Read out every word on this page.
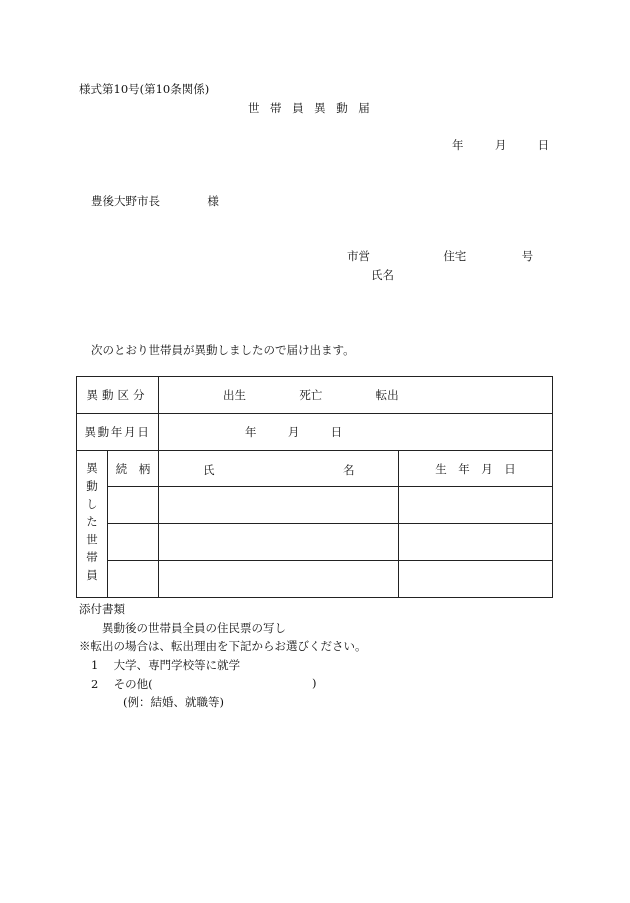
様式第10号(第10条関係)
世 帯 員 異 動 届
年	月	日
豊後大野市長	様
市営	住宅	号
氏名
次のとおり世帯員が異動しましたので届け出ます。
異動区分		出生 死亡 転出	
異動年月日		年 月 日	

異動した世帯員	続　柄	氏 名	生　年　月　日

添付書類
異動後の世帯員全員の住民票の写し
※転出の場合は、転出理由を下記からお選びください。
1 大学、専門学校等に就学
2 その他(	)
(例：結婚、就職等)
